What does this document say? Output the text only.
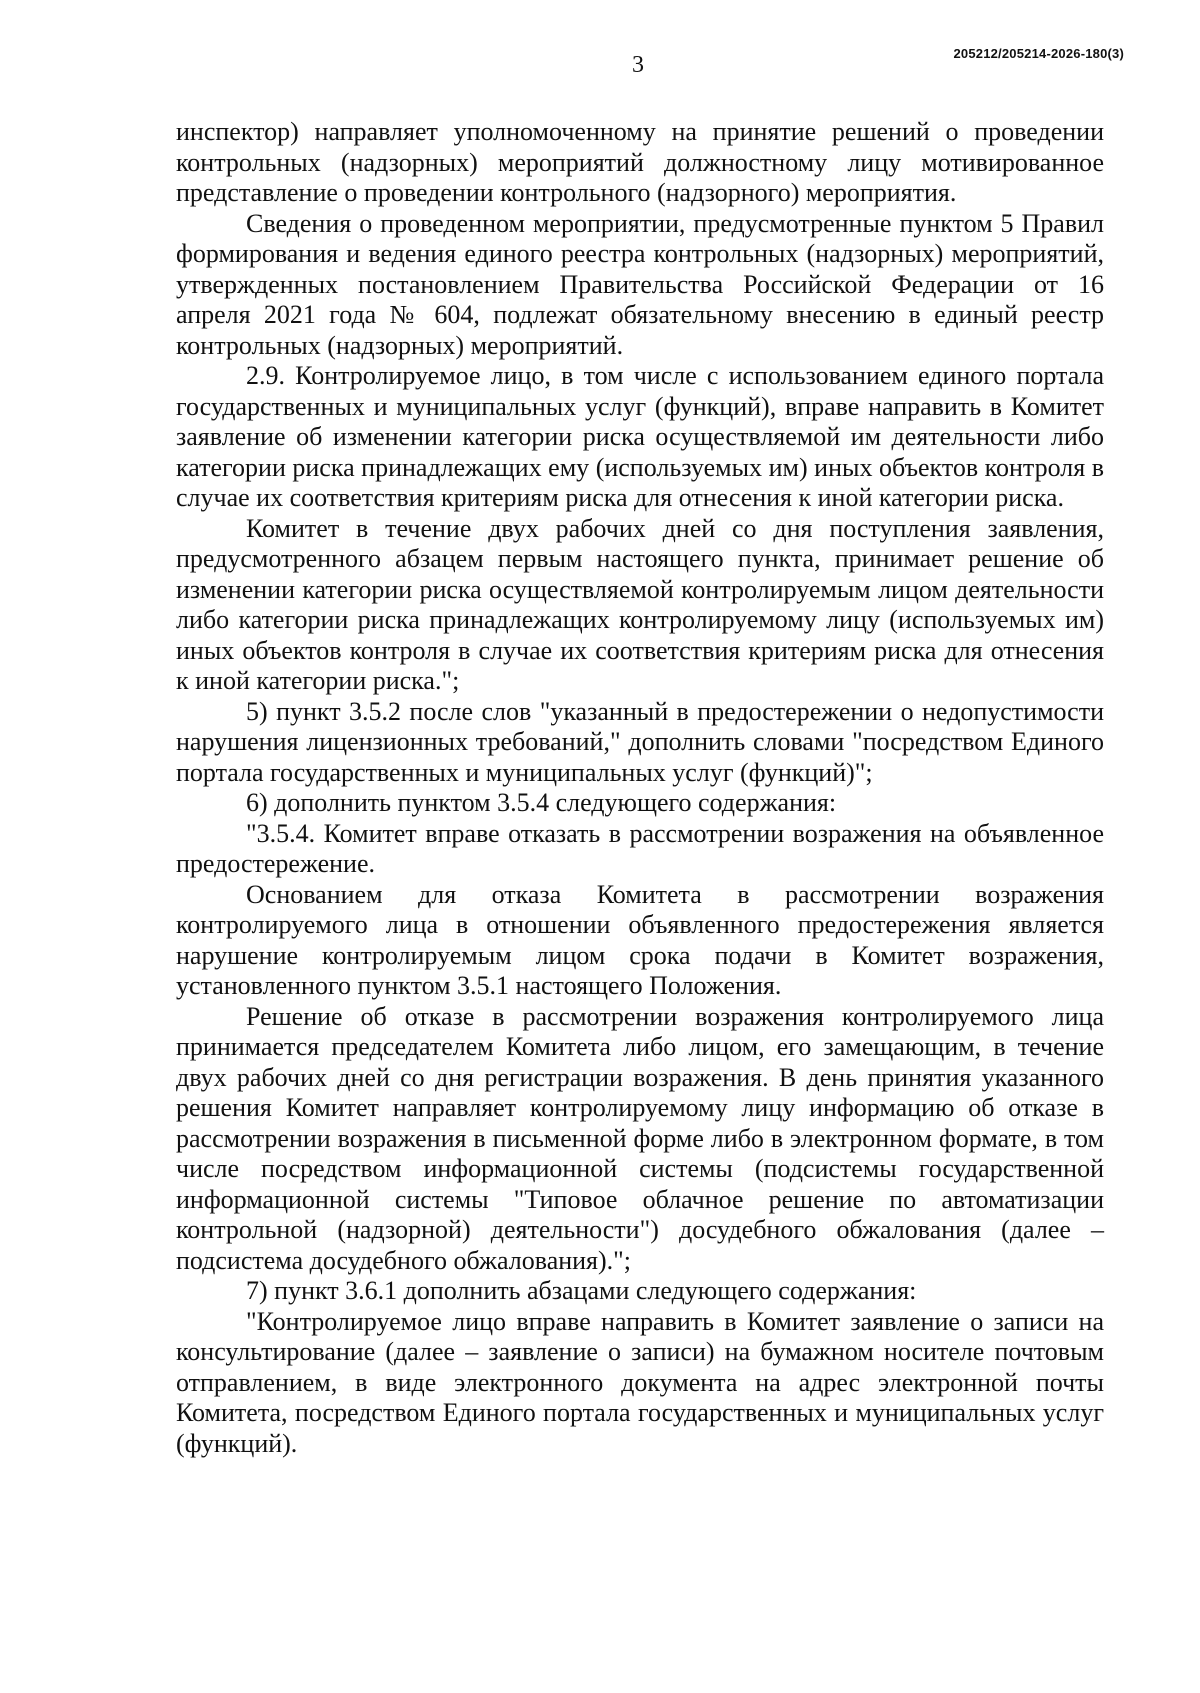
3	205212/205214-2026-180(3)

инспектор) направляет уполномоченному на принятие решений о проведении контрольных (надзорных) мероприятий должностному лицу мотивированное представление о проведении контрольного (надзорного) мероприятия.

Сведения о проведенном мероприятии, предусмотренные пунктом 5 Правил формирования и ведения единого реестра контрольных (надзорных) мероприятий, утвержденных постановлением Правительства Российской Федерации от 16 апреля 2021 года № 604, подлежат обязательному внесению в единый реестр контрольных (надзорных) мероприятий.

2.9. Контролируемое лицо, в том числе с использованием единого портала государственных и муниципальных услуг (функций), вправе направить в Комитет заявление об изменении категории риска осуществляемой им деятельности либо категории риска принадлежащих ему (используемых им) иных объектов контроля в случае их соответствия критериям риска для отнесения к иной категории риска.

Комитет в течение двух рабочих дней со дня поступления заявления, предусмотренного абзацем первым настоящего пункта, принимает решение об изменении категории риска осуществляемой контролируемым лицом деятельности либо категории риска принадлежащих контролируемому лицу (используемых им) иных объектов контроля в случае их соответствия критериям риска для отнесения к иной категории риска.";

5) пункт 3.5.2 после слов "указанный в предостережении о недопустимости нарушения лицензионных требований," дополнить словами "посредством Единого портала государственных и муниципальных услуг (функций)";

6) дополнить пунктом 3.5.4 следующего содержания:

"3.5.4. Комитет вправе отказать в рассмотрении возражения на объявленное предостережение.

Основанием для отказа Комитета в рассмотрении возражения контролируемого лица в отношении объявленного предостережения является нарушение контролируемым лицом срока подачи в Комитет возражения, установленного пунктом 3.5.1 настоящего Положения.

Решение об отказе в рассмотрении возражения контролируемого лица принимается председателем Комитета либо лицом, его замещающим, в течение двух рабочих дней со дня регистрации возражения. В день принятия указанного решения Комитет направляет контролируемому лицу информацию об отказе в рассмотрении возражения в письменной форме либо в электронном формате, в том числе посредством информационной системы (подсистемы государственной информационной системы "Типовое облачное решение по автоматизации контрольной (надзорной) деятельности") досудебного обжалования (далее – подсистема досудебного обжалования).";

7) пункт 3.6.1 дополнить абзацами следующего содержания:

"Контролируемое лицо вправе направить в Комитет заявление о записи на консультирование (далее – заявление о записи) на бумажном носителе почтовым отправлением, в виде электронного документа на адрес электронной почты Комитета, посредством Единого портала государственных и муниципальных услуг (функций).
